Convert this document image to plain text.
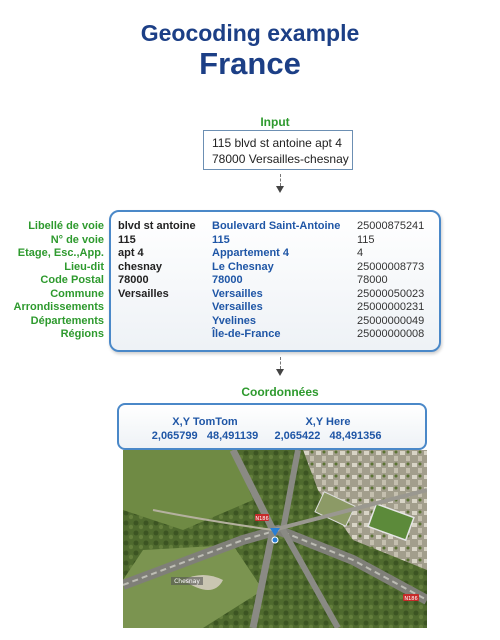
Geocoding example
France
Input
115 blvd st antoine apt 4
78000 Versailles-chesnay
Libellé de voie
N° de voie
Etage, Esc.,App.
Lieu-dit
Code Postal
Commune
Arrondissements
Départements
Régions
blvd st antoine
115
apt 4
chesnay
78000
Versailles

Boulevard Saint-Antoine
115
Appartement 4
Le Chesnay
78000
Versailles
Versailles
Yvelines
Île-de-France
25000875241
115
4
25000008773
78000
25000050023
25000000231
25000000049
25000000008
Coordonnées
X,Y TomTom
2,065799 48,491139
X,Y Here
2,065422 48,491356
N186
N186
Chesnay
